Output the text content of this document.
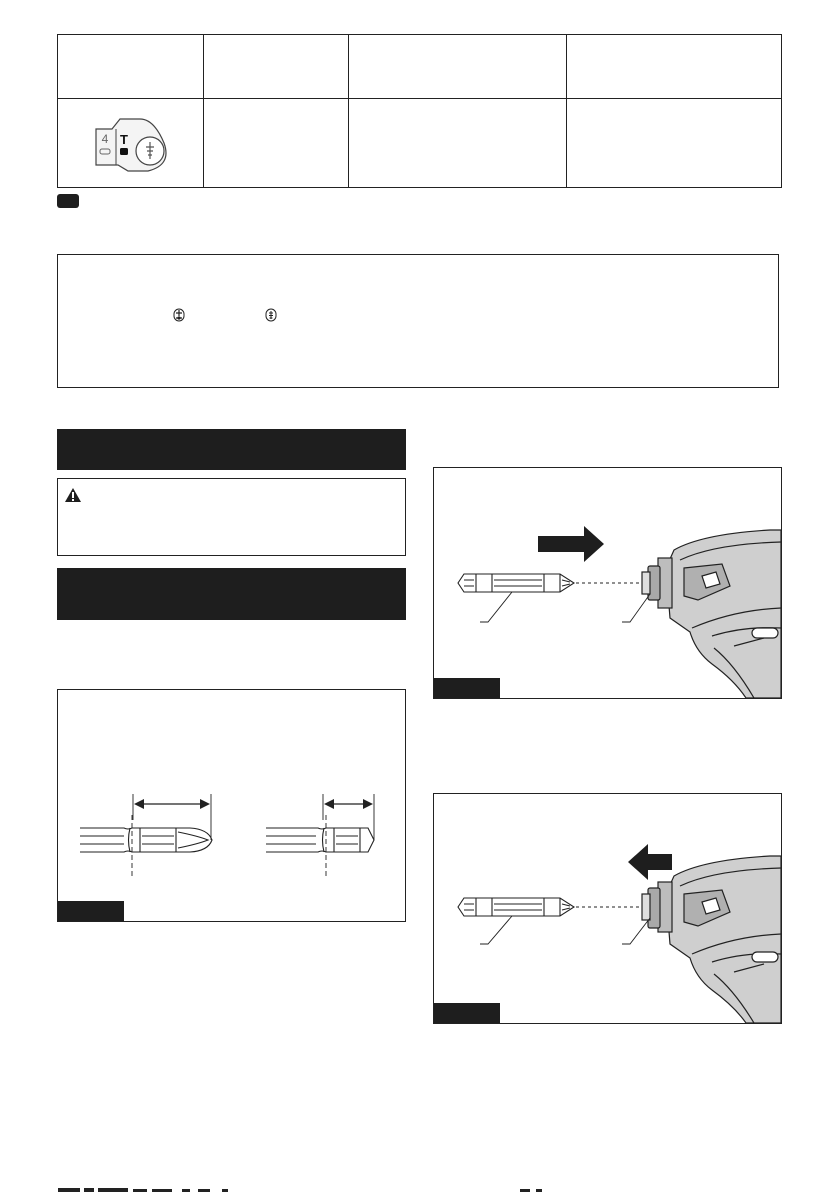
4 T			
